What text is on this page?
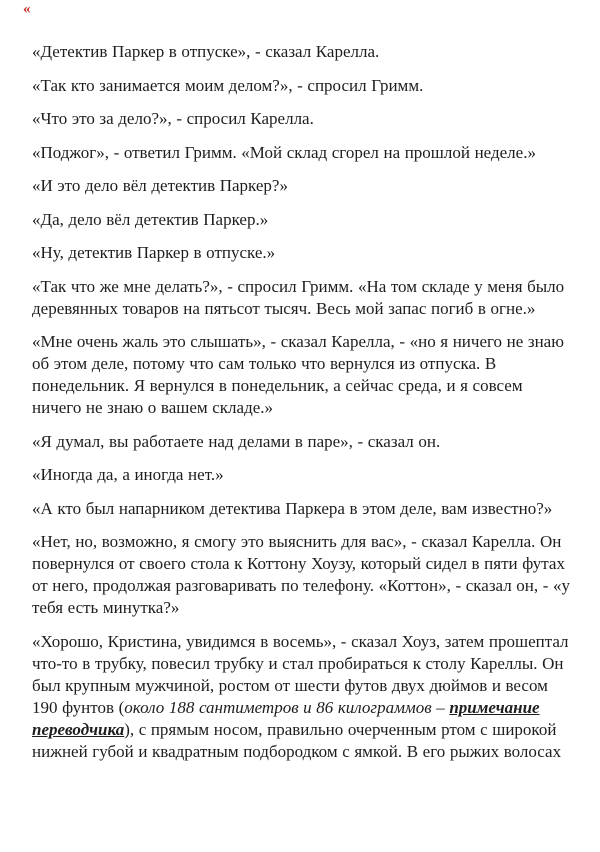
«

«Детектив Паркер в отпуске», - сказал Карелла.

«Так кто занимается моим делом?», - спросил Гримм.

«Что это за дело?», - спросил Карелла.

«Поджог», - ответил Гримм. «Мой склад сгорел на прошлой неделе.»

«И это дело вёл детектив Паркер?»

«Да, дело вёл детектив Паркер.»

«Ну, детектив Паркер в отпуске.»

«Так что же мне делать?», - спросил Гримм. «На том складе у меня было деревянных товаров на пятьсот тысяч. Весь мой запас погиб в огне.»

«Мне очень жаль это слышать», - сказал Карелла, - «но я ничего не знаю об этом деле, потому что сам только что вернулся из отпуска. В понедельник. Я вернулся в понедельник, а сейчас среда, и я совсем ничего не знаю о вашем складе.»

«Я думал, вы работаете над делами в паре», - сказал он.

«Иногда да, а иногда нет.»

«А кто был напарником детектива Паркера в этом деле, вам известно?»

«Нет, но, возможно, я смогу это выяснить для вас», - сказал Карелла. Он повернулся от своего стола к Коттону Хоузу, который сидел в пяти футах от него, продолжая разговаривать по телефону. «Коттон», - сказал он, - «у тебя есть минутка?»

«Хорошо, Кристина, увидимся в восемь», - сказал Хоуз, затем прошептал что-то в трубку, повесил трубку и стал пробираться к столу Кареллы. Он был крупным мужчиной, ростом от шести футов двух дюймов и весом 190 фунтов (около 188 сантиметров и 86 килограммов – примечание переводчика), с прямым носом, правильно очерченным ртом с широкой нижней губой и квадратным подбородком с ямкой. В его рыжих волосах
